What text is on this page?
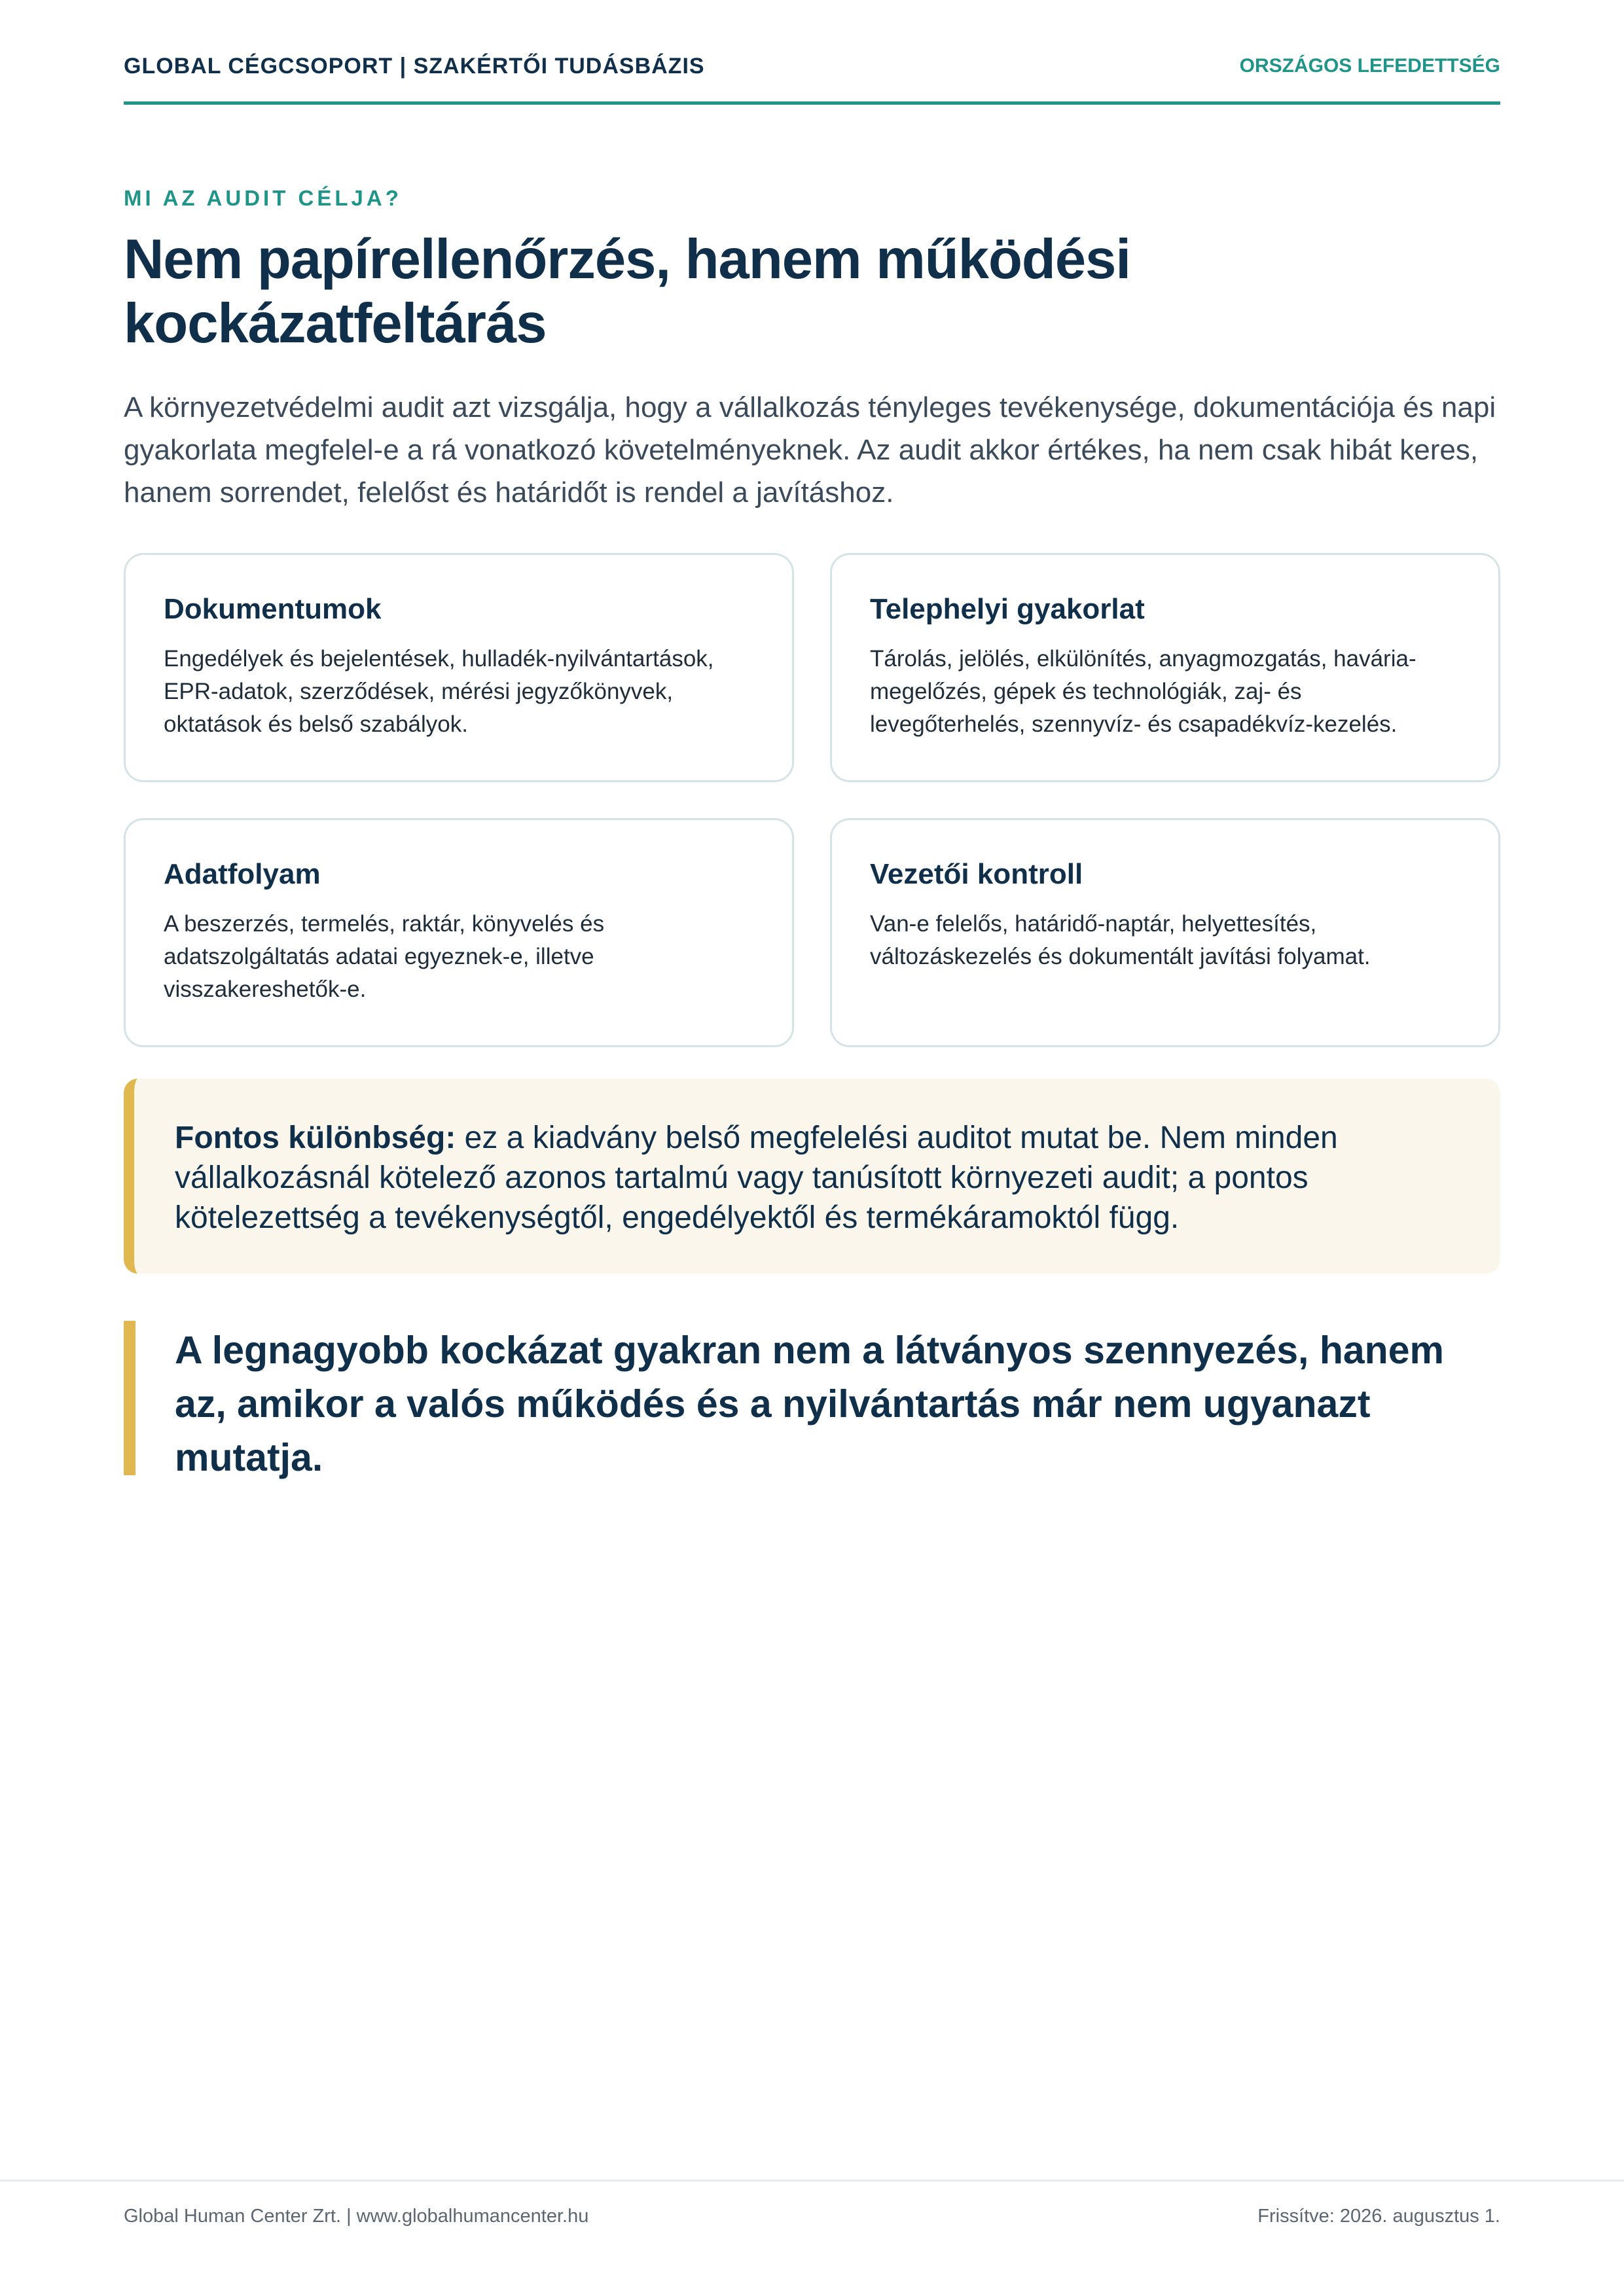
GLOBAL CÉGCSOPORT | SZAKÉRTŐI TUDÁSBÁZIS	ORSZÁGOS LEFEDETTSÉG
MI AZ AUDIT CÉLJA?
Nem papírellenőrzés, hanem működési kockázatfeltárás

A környezetvédelmi audit azt vizsgálja, hogy a vállalkozás tényleges tevékenysége, dokumentációja és napi gyakorlata megfelel-e a rá vonatkozó követelményeknek. Az audit akkor értékes, ha nem csak hibát keres, hanem sorrendet, felelőst és határidőt is rendel a javításhoz.

Dokumentumok

Engedélyek és bejelentések, hulladék-nyilvántartások, EPR-adatok, szerződések, mérési jegyzőkönyvek, oktatások és belső szabályok.

Telephelyi gyakorlat

Tárolás, jelölés, elkülönítés, anyagmozgatás, havária-megelőzés, gépek és technológiák, zaj- és levegőterhelés, szennyvíz- és csapadékvíz-kezelés.

Adatfolyam

A beszerzés, termelés, raktár, könyvelés és adatszolgáltatás adatai egyeznek-e, illetve visszakereshetők-e.

Vezetői kontroll

Van-e felelős, határidő-naptár, helyettesítés, változáskezelés és dokumentált javítási folyamat.

Fontos különbség: ez a kiadvány belső megfelelési auditot mutat be. Nem minden vállalkozásnál kötelező azonos tartalmú vagy tanúsított környezeti audit; a pontos kötelezettség a tevékenységtől, engedélyektől és termékáramoktól függ.
A legnagyobb kockázat gyakran nem a látványos szennyezés, hanem az, amikor a valós működés és a nyilvántartás már nem ugyanazt mutatja.
Global Human Center Zrt. | www.globalhumancenter.hu	Frissítve: 2026. augusztus 1.
